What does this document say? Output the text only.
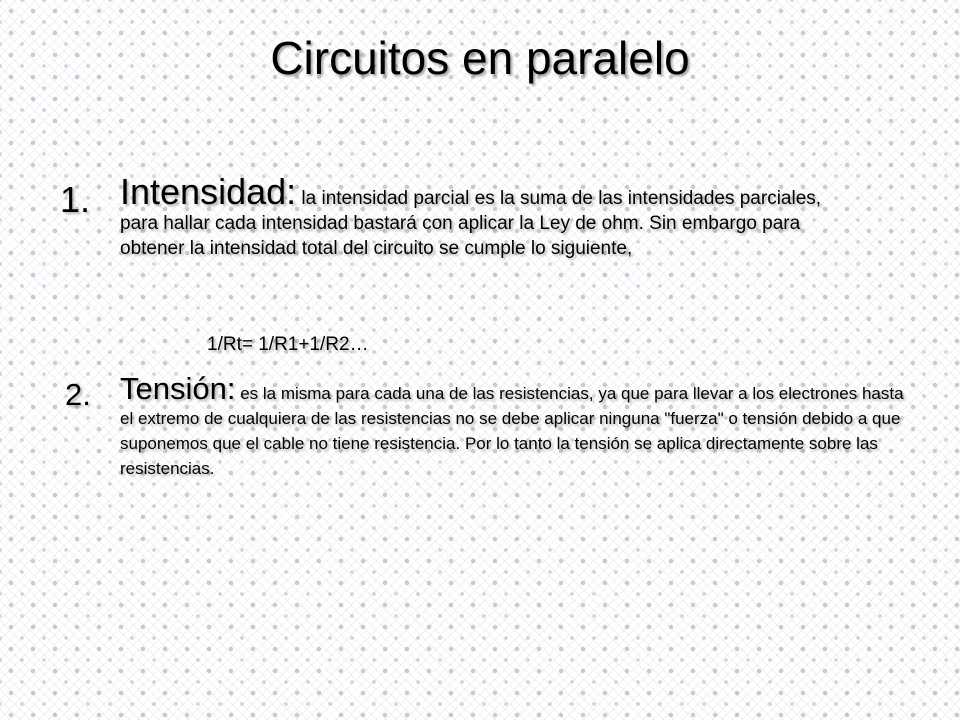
Circuitos en paralelo
1. Intensidad: la intensidad parcial es la suma de las intensidades parciales, para hallar cada intensidad bastará con aplicar la Ley de ohm. Sin embargo para obtener la intensidad total del circuito se cumple lo siguiente,
1/Rt= 1/R1+1/R2…
2. Tensión: es la misma para cada una de las resistencias, ya que para llevar a los electrones hasta el extremo de cualquiera de las resistencias no se debe aplicar ninguna "fuerza" o tensión debido a que suponemos que el cable no tiene resistencia. Por lo tanto la tensión se aplica directamente sobre las resistencias.
